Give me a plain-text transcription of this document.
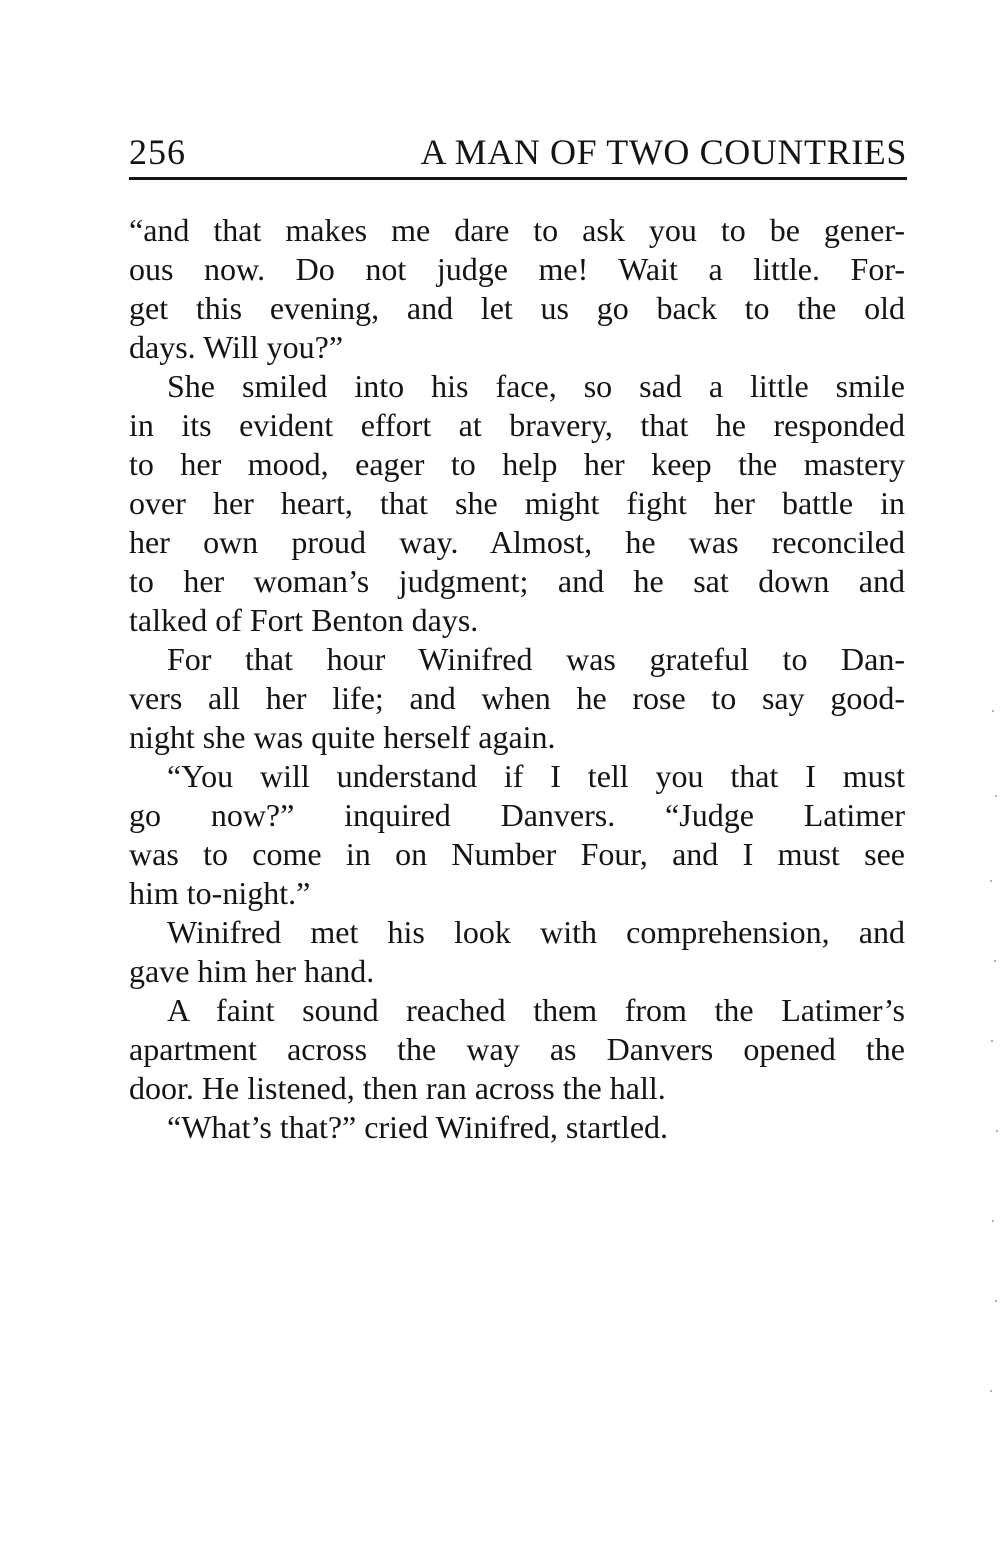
256	A MAN OF TWO COUNTRIES
“and that makes me dare to ask you to be gener-
ous now. Do not judge me! Wait a little. For-
get this evening, and let us go back to the old
days. Will you?”
She smiled into his face, so sad a little smile
in its evident effort at bravery, that he responded
to her mood, eager to help her keep the mastery
over her heart, that she might fight her battle in
her own proud way. Almost, he was reconciled
to her woman’s judgment; and he sat down and
talked of Fort Benton days.
For that hour Winifred was grateful to Dan-
vers all her life; and when he rose to say good-
night she was quite herself again.
“You will understand if I tell you that I must
go now?” inquired Danvers. “Judge Latimer
was to come in on Number Four, and I must see
him to-night.”
Winifred met his look with comprehension, and
gave him her hand.
A faint sound reached them from the Latimer’s
apartment across the way as Danvers opened the
door. He listened, then ran across the hall.
“What’s that?” cried Winifred, startled.
